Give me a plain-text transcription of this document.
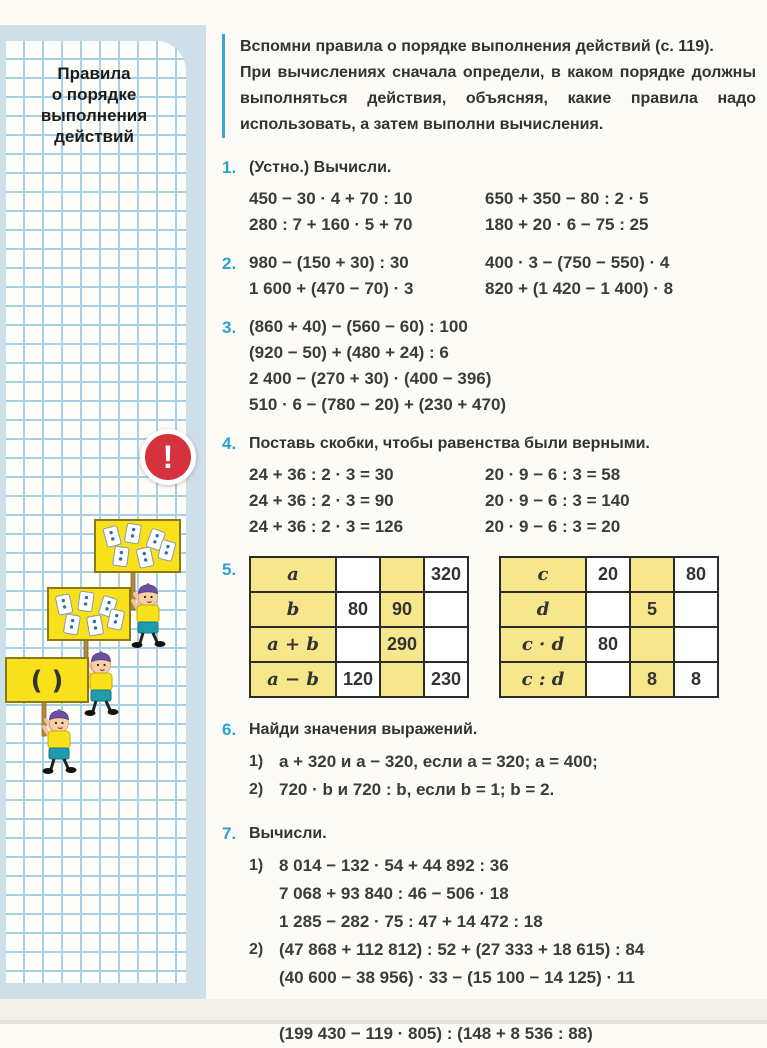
Правила
о порядке
выполнения
действий
!
( )

Вспомни правила о порядке выполнения действий (с. 119).

При вычислениях сначала определи, в каком порядке должны выполняться действия, объясняя, какие правила надо использовать, а затем выполни вычисления.

1. (Устно.) Вычисли.
450 − 30 · 4 + 70 : 10
280 : 7 + 160 · 5 + 70
650 + 350 − 80 : 2 · 5
180 + 20 · 6 − 75 : 25
2. 980 − (150 + 30) : 30
1 600 + (470 − 70) · 3
400 · 3 − (750 − 550) · 4
820 + (1 420 − 1 400) · 8
3. (860 + 40) − (560 − 60) : 100
(920 − 50) + (480 + 24) : 6
2 400 − (270 + 30) · (400 − 396)
510 · 6 − (780 − 20) + (230 + 470)
4. Поставь скобки, чтобы равенства были верными.
24 + 36 : 2 · 3 = 30
24 + 36 : 2 · 3 = 90
24 + 36 : 2 · 3 = 126
20 · 9 − 6 : 3 = 58
20 · 9 − 6 : 3 = 140
20 · 9 − 6 : 3 = 20
5.	a			320
b	80	90	
a + b		290	
a − b	120		230
c	20		80
d		5	
c · d	80		
c : d		8	8
6. Найди значения выражений.
1) a + 320 и a − 320, если a = 320; a = 400;
2) 720 · b и 720 : b, если b = 1; b = 2.
7. Вычисли.
1) 8 014 − 132 · 54 + 44 892 : 36
7 068 + 93 840 : 46 − 506 · 18
1 285 − 282 · 75 : 47 + 14 472 : 18
2) (47 868 + 112 812) : 52 + (27 333 + 18 615) : 84
(40 600 − 38 956) · 33 − (15 100 − 14 125) · 11
(199 430 − 119 · 805) : (148 + 8 536 : 88)
